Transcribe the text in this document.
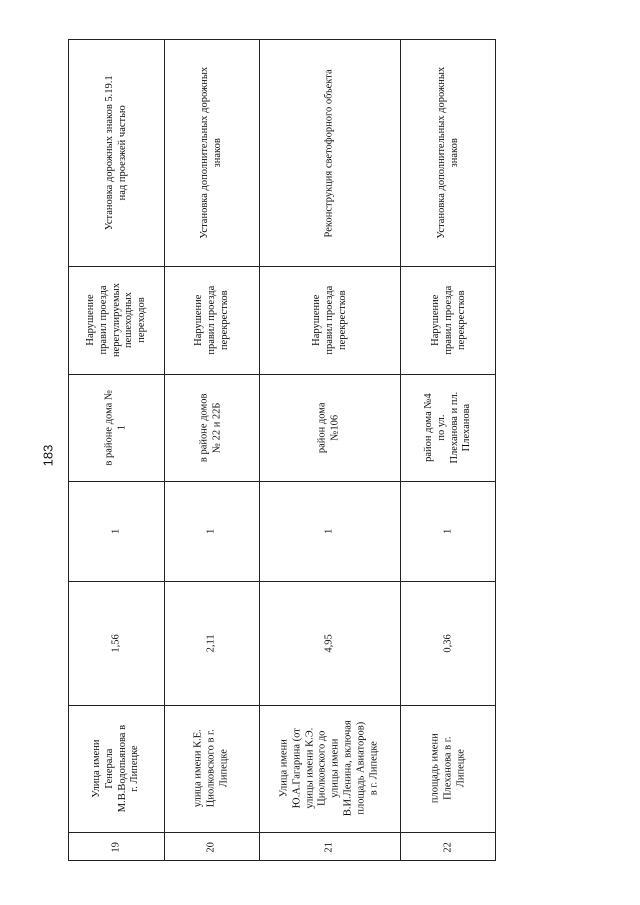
183
Установка дорожных знаков 5.19.1
над проезжей частью
Нарушение
правил проезда
нерегулируемых
пешеходных
переходов
в районе дома №
1
1
1,56
Улица имени
Генерала
М.В.Водопьянова в
г. Липецке
19
Установка дополнительных дорожных
знаков
Нарушение
правил проезда
перекрестков
в районе домов
№ 22 и 22Б
1
2,11
улица имени К.Е.
Циолковского в г.
Липецке
20
Реконструкция светофорного объекта
Нарушение
правил проезда
перекрестков
район дома
№106
1
4,95
Улица имени
Ю.А.Гагарина (от
улицы имени К.Э.
Циолковского до
улицы имени
В.И.Ленина, включая
площадь Авиаторов)
в г. Липецке
21
Установка дополнительных дорожных
знаков
Нарушение
правил проезда
перекрестков
район дома №4
по ул.
Плеханова и пл.
Плеханова
1
0,36
площадь имени
Плеханова в г.
Липецке
22
